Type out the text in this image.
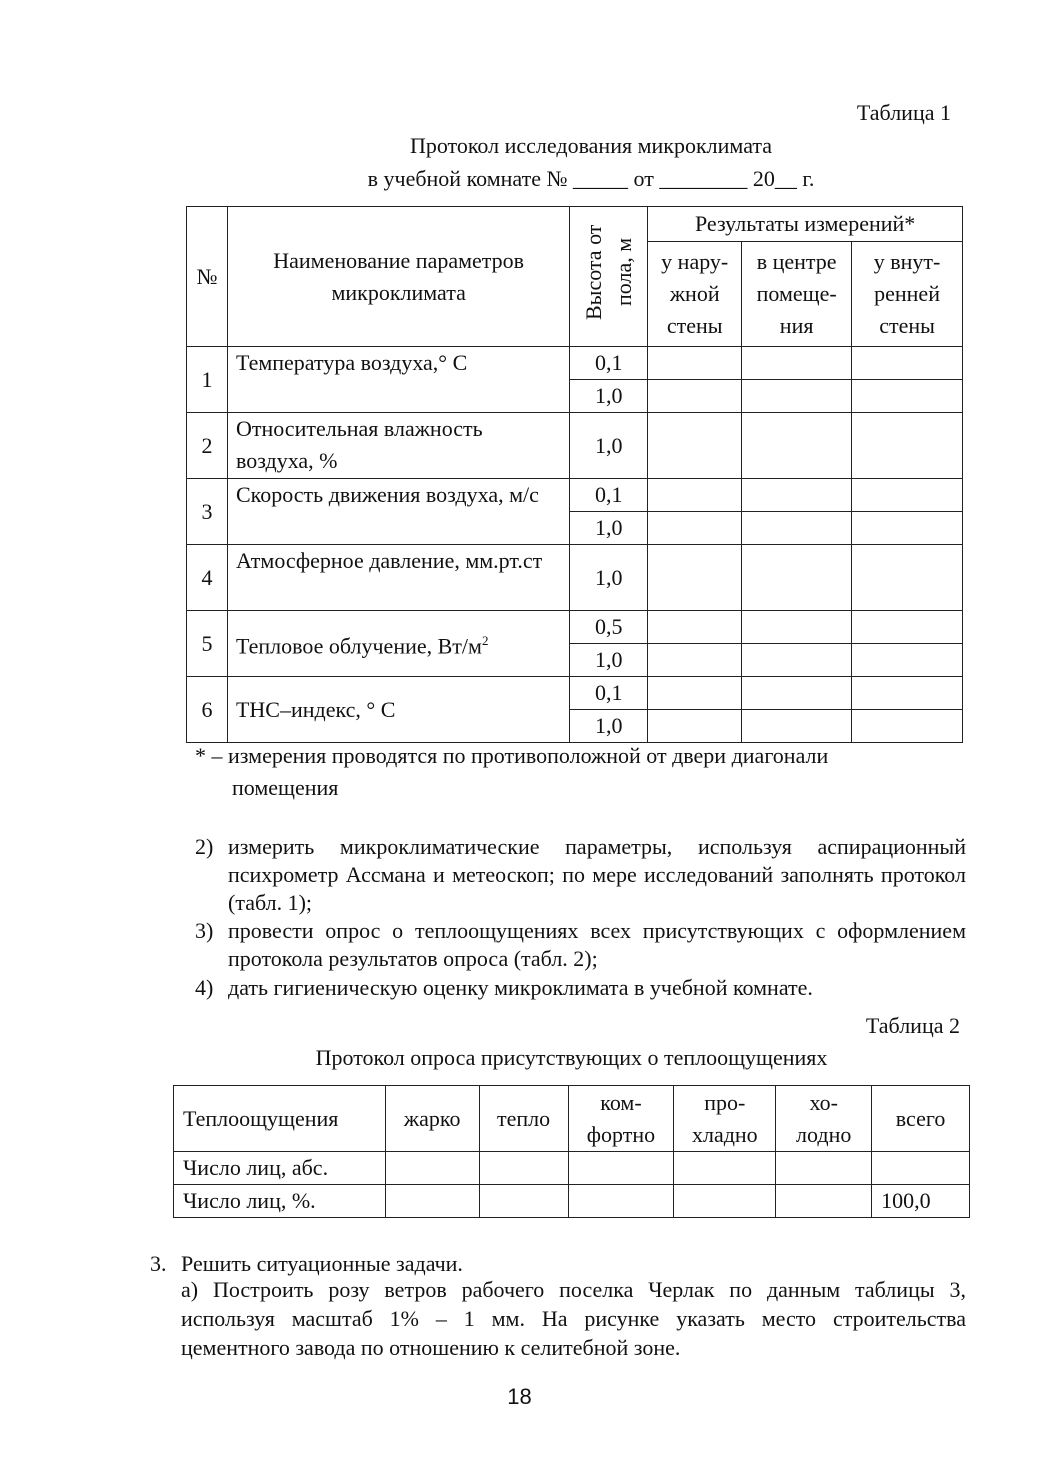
Таблица 1
Протокол исследования микроклимата
в учебной комнате № _____ от ________ 20__ г.
№	Наименование параметров микроклимата	Высота от пола, м	Результаты измерений*		
			у нару-жной стены	в центре помеще-ния	у внут-ренней стены
1	Температура воздуха,° С	0,1			
		1,0			
2	Относительная влажность воздуха, %	1,0			
3	Скорость движения воздуха, м/с	0,1			
		1,0			
4	Атмосферное давление, мм.рт.ст	1,0			
5	Тепловое облучение, $Вт/м^2$	0,5			
		1,0			
6	ТНС–индекс, ° С	0,1			
		1,0			
* – измерения проводятся по противоположной от двери диагонали
помещения
2) измерить микроклиматические параметры, используя аспирационный психрометр Ассмана и метеоскоп; по мере исследований заполнять протокол (табл. 1);
3) провести опрос о теплоощущениях всех присутствующих с оформлением протокола результатов опроса (табл. 2);
4) дать гигиеническую оценку микроклимата в учебной комнате.
Таблица 2
Протокол опроса присутствующих о теплоощущениях
Теплоощущения	жарко	тепло	ком-фортно	про-хладно	хо-лодно	всего
Число лиц, абс.						
Число лиц, %.						100,0
3. Решить ситуационные задачи.
а) Построить розу ветров рабочего поселка Черлак по данным таблицы 3, используя масштаб 1% – 1 мм. На рисунке указать место строительства цементного завода по отношению к селитебной зоне.
18
